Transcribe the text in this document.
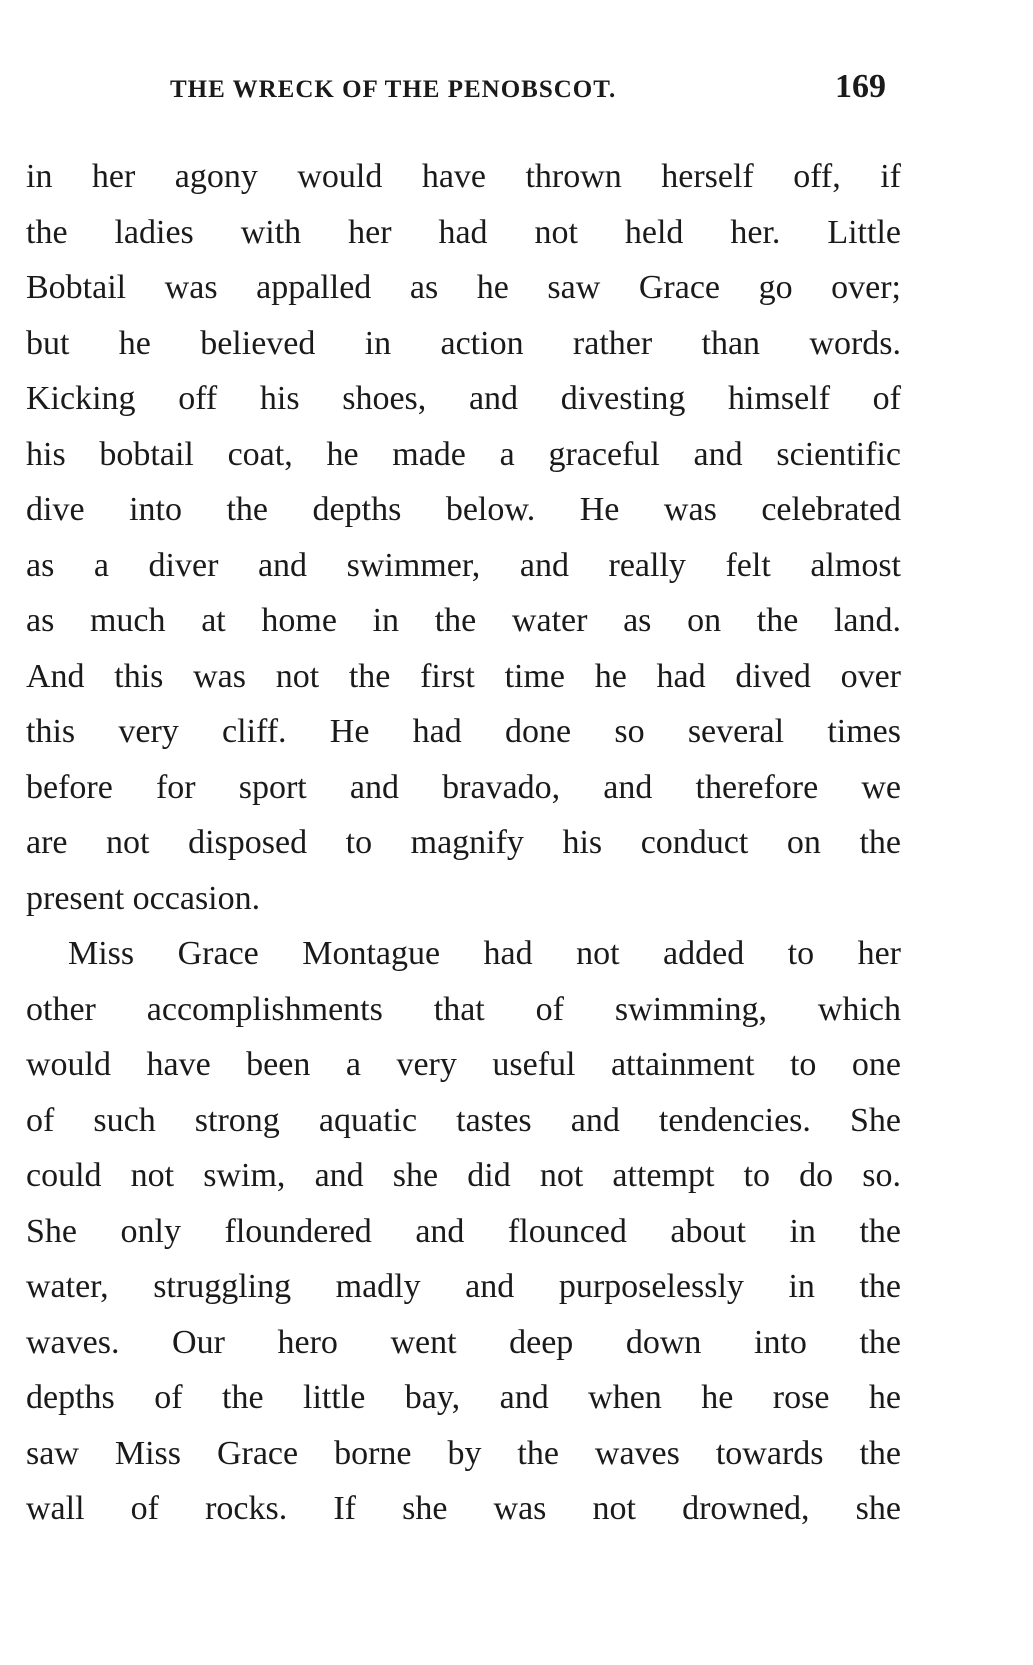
THE WRECK OF THE PENOBSCOT.	169
in her agony would have thrown herself off, if
the ladies with her had not held her. Little
Bobtail was appalled as he saw Grace go over;
but he believed in action rather than words.
Kicking off his shoes, and divesting himself of
his bobtail coat, he made a graceful and scientific
dive into the depths below. He was celebrated
as a diver and swimmer, and really felt almost
as much at home in the water as on the land.
And this was not the first time he had dived over
this very cliff. He had done so several times
before for sport and bravado, and therefore we
are not disposed to magnify his conduct on the
present occasion.
Miss Grace Montague had not added to her
other accomplishments that of swimming, which
would have been a very useful attainment to one
of such strong aquatic tastes and tendencies. She
could not swim, and she did not attempt to do so.
She only floundered and flounced about in the
water, struggling madly and purposelessly in the
waves. Our hero went deep down into the
depths of the little bay, and when he rose he
saw Miss Grace borne by the waves towards the
wall of rocks. If she was not drowned, she
